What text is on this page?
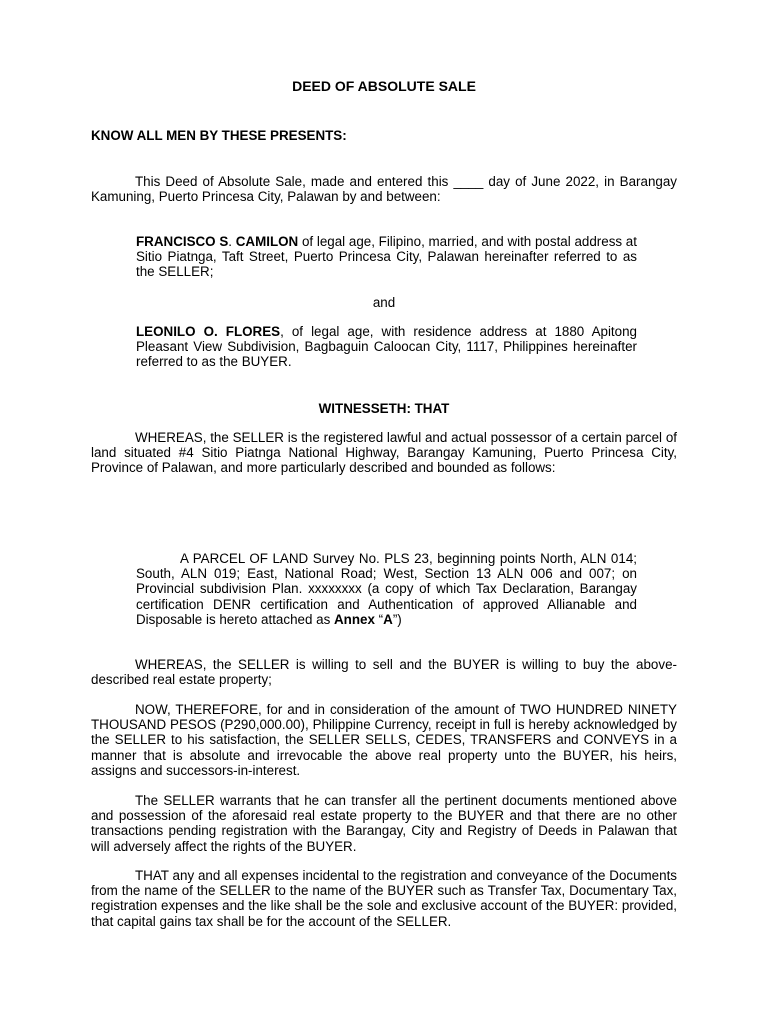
DEED OF ABSOLUTE SALE
KNOW ALL MEN BY THESE PRESENTS:
This Deed of Absolute Sale, made and entered this ____ day of June 2022, in Barangay Kamuning, Puerto Princesa City, Palawan by and between:
FRANCISCO S. CAMILON of legal age, Filipino, married, and with postal address at Sitio Piatnga, Taft Street, Puerto Princesa City, Palawan hereinafter referred to as the SELLER;
and
LEONILO O. FLORES, of legal age, with residence address at 1880 Apitong Pleasant View Subdivision, Bagbaguin Caloocan City, 1117, Philippines hereinafter referred to as the BUYER.
WITNESSETH: THAT
WHEREAS, the SELLER is the registered lawful and actual possessor of a certain parcel of land situated #4 Sitio Piatnga National Highway, Barangay Kamuning, Puerto Princesa City, Province of Palawan, and more particularly described and bounded as follows:
A PARCEL OF LAND Survey No. PLS 23, beginning points North, ALN 014; South, ALN 019; East, National Road; West, Section 13 ALN 006 and 007; on Provincial subdivision Plan. xxxxxxxx (a copy of which Tax Declaration, Barangay certification DENR certification and Authentication of approved Allianable and Disposable is hereto attached as Annex “A”)
WHEREAS, the SELLER is willing to sell and the BUYER is willing to buy the above-described real estate property;
NOW, THEREFORE, for and in consideration of the amount of TWO HUNDRED NINETY THOUSAND PESOS (P290,000.00), Philippine Currency, receipt in full is hereby acknowledged by the SELLER to his satisfaction, the SELLER SELLS, CEDES, TRANSFERS and CONVEYS in a manner that is absolute and irrevocable the above real property unto the BUYER, his heirs, assigns and successors-in-interest.
The SELLER warrants that he can transfer all the pertinent documents mentioned above and possession of the aforesaid real estate property to the BUYER and that there are no other transactions pending registration with the Barangay, City and Registry of Deeds in Palawan that will adversely affect the rights of the BUYER.
THAT any and all expenses incidental to the registration and conveyance of the Documents from the name of the SELLER to the name of the BUYER such as Transfer Tax, Documentary Tax, registration expenses and the like shall be the sole and exclusive account of the BUYER: provided, that capital gains tax shall be for the account of the SELLER.
